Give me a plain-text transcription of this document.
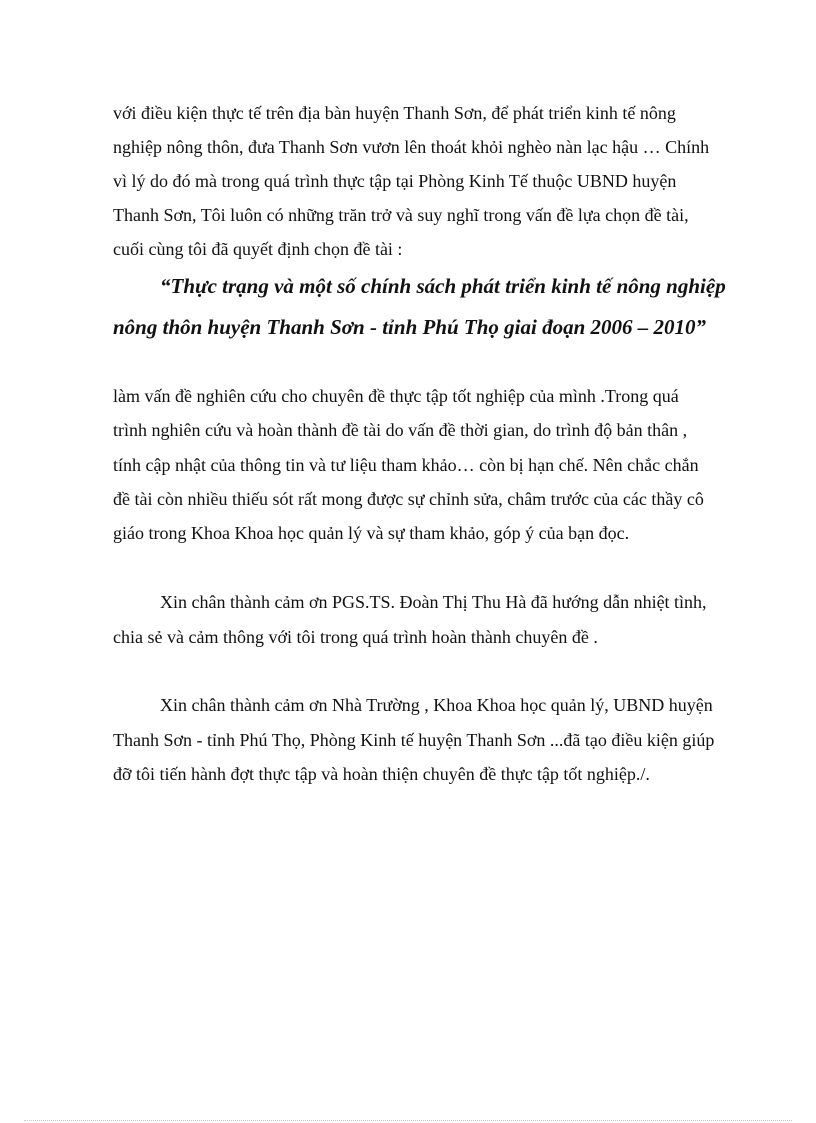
với điều kiện thực tế trên địa bàn huyện Thanh Sơn, để phát triển kinh tế nông
nghiệp nông thôn, đưa Thanh Sơn vươn lên thoát khỏi nghèo nàn lạc hậu … Chính
vì lý do đó mà trong quá trình thực tập tại Phòng Kinh Tế thuộc UBND huyện
Thanh Sơn, Tôi luôn có những trăn trở và suy nghĩ trong vấn đề lựa chọn đề tài,
cuối cùng tôi đã quyết định chọn đề tài :
“Thực trạng và một số chính sách phát triển kinh tế nông nghiệp
nông thôn huyện Thanh Sơn - tỉnh Phú Thọ giai đoạn 2006 – 2010”
làm vấn đề nghiên cứu cho chuyên đề thực tập tốt nghiệp của mình .Trong quá
trình nghiên cứu và hoàn thành đề tài do vấn đề thời gian, do trình độ bản thân ,
tính cập nhật của thông tin và tư liệu tham khảo… còn bị hạn chế. Nên chắc chắn
đề tài còn nhiều thiếu sót rất mong được sự chỉnh sửa, châm trước của các thầy cô
giáo trong Khoa Khoa học quản lý và sự tham khảo, góp ý của bạn đọc.
Xin chân thành cảm ơn PGS.TS. Đoàn Thị Thu Hà đã hướng dẫn nhiệt tình,
chia sẻ và cảm thông với tôi trong quá trình hoàn thành chuyên đề .
Xin chân thành cảm ơn Nhà Trường , Khoa Khoa học quản lý, UBND huyện
Thanh Sơn - tỉnh Phú Thọ, Phòng Kinh tế huyện Thanh Sơn ...đã tạo điều kiện giúp
đỡ tôi tiến hành đợt thực tập và hoàn thiện chuyên đề thực tập tốt nghiệp./.
